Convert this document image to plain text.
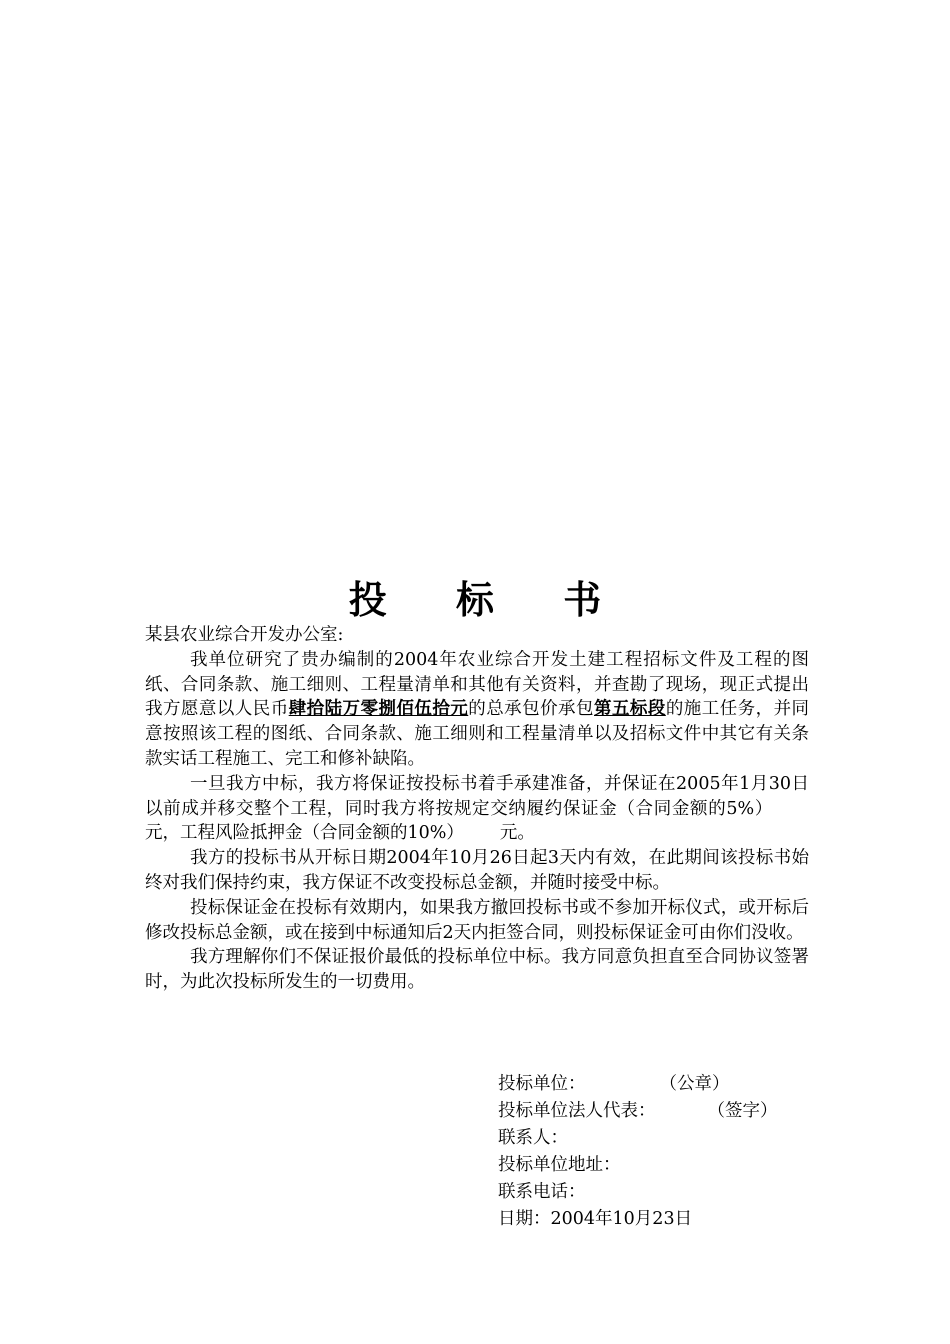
投 标 书

某县农业综合开发办公室:

我单位研究了贵办编制的2004年农业综合开发土建工程招标文件及工程的图纸、合同条款、施工细则、工程量清单和其他有关资料，并查勘了现场，现正式提出我方愿意以人民币肆拾陆万零捌佰伍拾元的总承包价承包第五标段的施工任务，并同意按照该工程的图纸、合同条款、施工细则和工程量清单以及招标文件中其它有关条款实话工程施工、完工和修补缺陷。

一旦我方中标，我方将保证按投标书着手承建准备，并保证在2005年1月30日以前成并移交整个工程，同时我方将按规定交纳履约保证金（合同金额的5%）元，工程风险抵押金（合同金额的10%） 元。

我方的投标书从开标日期2004年10月26日起3天内有效，在此期间该投标书始终对我们保持约束，我方保证不改变投标总金额，并随时接受中标。

投标保证金在投标有效期内，如果我方撤回投标书或不参加开标仪式，或开标后修改投标总金额，或在接到中标通知后2天内拒签合同，则投标保证金可由你们没收。

我方理解你们不保证报价最低的投标单位中标。我方同意负担直至合同协议签署时，为此次投标所发生的一切费用。

投标单位：	（公章）
投标单位法人代表：	（签字）
联系人：
投标单位地址：
联系电话：
日期：2004年10月23日
